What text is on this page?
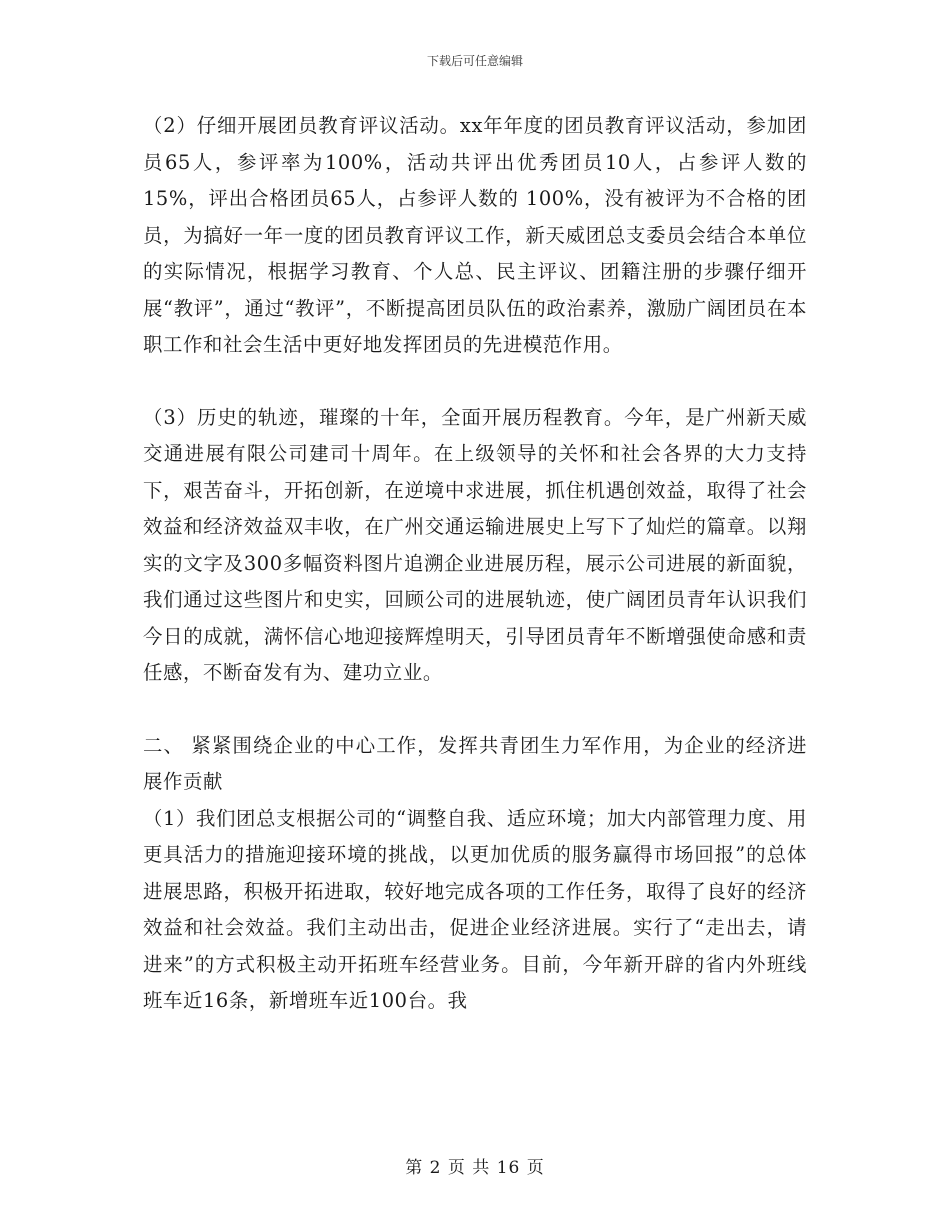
下载后可任意编辑

（2）仔细开展团员教育评议活动。xx年年度的团员教育评议活动，参加团员65人，参评率为100%，活动共评出优秀团员10人，占参评人数的15%，评出合格团员65人，占参评人数的 100%，没有被评为不合格的团员，为搞好一年一度的团员教育评议工作，新天威团总支委员会结合本单位的实际情况，根据学习教育、个人总、民主评议、团籍注册的步骤仔细开展“教评”，通过“教评”，不断提高团员队伍的政治素养，激励广阔团员在本职工作和社会生活中更好地发挥团员的先进模范作用。

（3）历史的轨迹，璀璨的十年，全面开展历程教育。今年，是广州新天威交通进展有限公司建司十周年。在上级领导的关怀和社会各界的大力支持下，艰苦奋斗，开拓创新，在逆境中求进展，抓住机遇创效益，取得了社会效益和经济效益双丰收，在广州交通运输进展史上写下了灿烂的篇章。以翔实的文字及300多幅资料图片追溯企业进展历程，展示公司进展的新面貌，我们通过这些图片和史实，回顾公司的进展轨迹，使广阔团员青年认识我们今日的成就，满怀信心地迎接辉煌明天，引导团员青年不断增强使命感和责任感，不断奋发有为、建功立业。

二、 紧紧围绕企业的中心工作，发挥共青团生力军作用，为企业的经济进展作贡献

（1）我们团总支根据公司的“调整自我、适应环境；加大内部管理力度、用更具活力的措施迎接环境的挑战，以更加优质的服务赢得市场回报”的总体进展思路，积极开拓进取，较好地完成各项的工作任务，取得了良好的经济效益和社会效益。我们主动出击，促进企业经济进展。实行了“走出去，请进来”的方式积极主动开拓班车经营业务。目前，今年新开辟的省内外班线班车近16条，新增班车近100台。我

第 2 页 共 16 页
